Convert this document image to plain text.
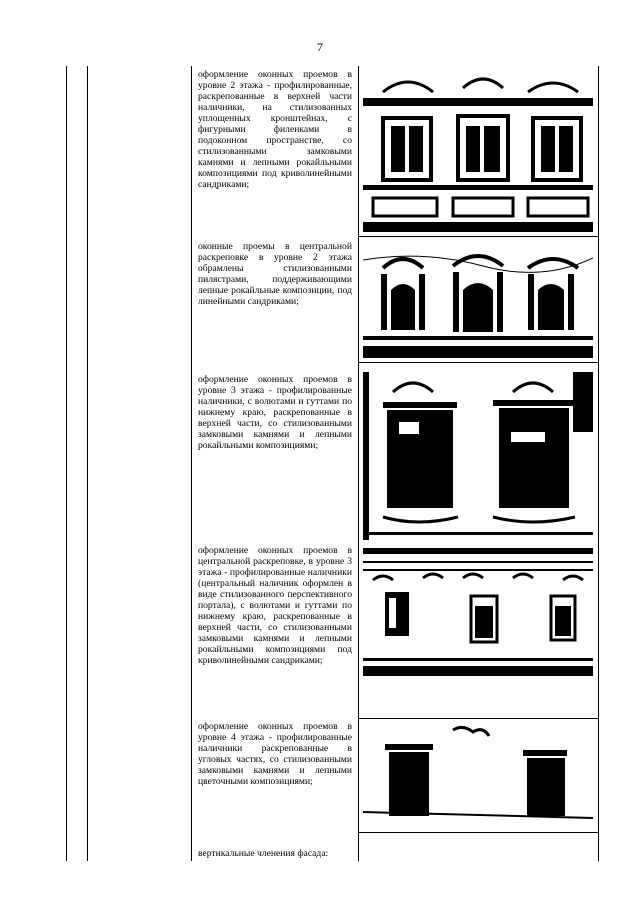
7
оформление оконных проемов в уровне 2 этажа - профилированные, раскрепованные в верхней части наличники, на стилизованных уплощенных кронштейнах, с фигурными филенками в подоконном пространстве, со стилизованными замковыми камнями и лепными рокайльными композициями под криволинейными сандриками;
оконные проемы в центральной раскреповке в уровне 2 этажа обрамлены стилизованными пилястрами, поддерживающими лепные рокайльные композиции, под линейными сандриками;
оформление оконных проемов в уровне 3 этажа - профилированные наличники, с волютами и гуттами по нижнему краю, раскрепованные в верхней части, со стилизованными замковыми камнями и лепными рокайльными композициями;
оформление оконных проемов в центральной раскреповке, в уровне 3 этажа - профилированные наличники (центральный наличник оформлен в виде стилизованного перспективного портала), с волютами и гуттами по нижнему краю, раскрепованные в верхней части, со стилизованными замковыми камнями и лепными рокайльными композициями под криволинейными сандриками;
оформление оконных проемов в уровне 4 этажа - профилированные наличники раскрепованные в угловых частях, со стилизованными замковыми камнями и лепными цветочными композициями;
вертикальные членения фасада:
